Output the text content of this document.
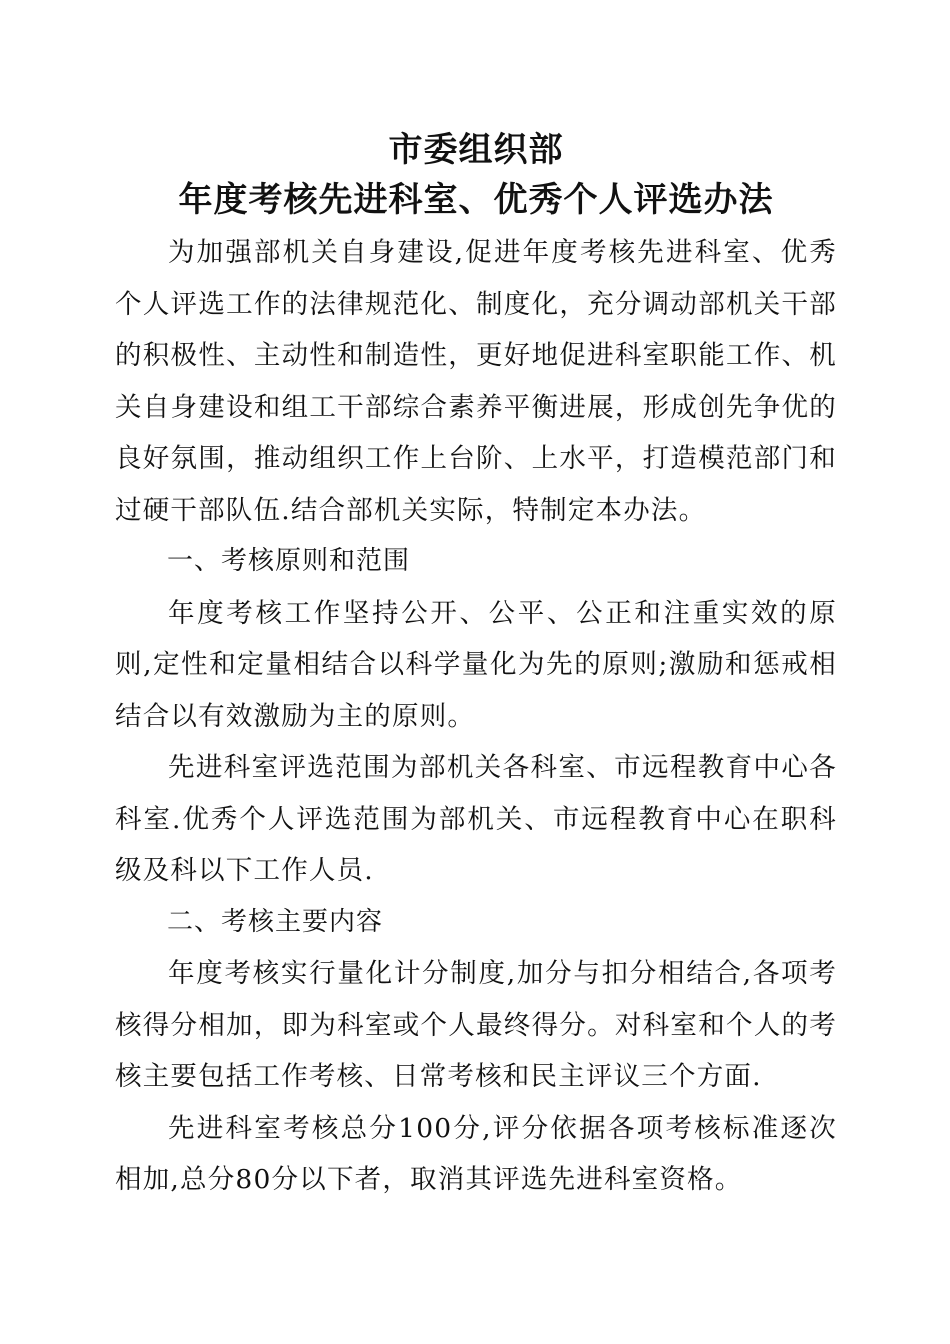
市委组织部
年度考核先进科室、优秀个人评选办法

为加强部机关自身建设,促进年度考核先进科室、优秀个人评选工作的法律规范化、制度化，充分调动部机关干部的积极性、主动性和制造性，更好地促进科室职能工作、机关自身建设和组工干部综合素养平衡进展，形成创先争优的良好氛围，推动组织工作上台阶、上水平，打造模范部门和过硬干部队伍.结合部机关实际，特制定本办法。

一、考核原则和范围

年度考核工作坚持公开、公平、公正和注重实效的原则,定性和定量相结合以科学量化为先的原则;激励和惩戒相结合以有效激励为主的原则。

先进科室评选范围为部机关各科室、市远程教育中心各科室.优秀个人评选范围为部机关、市远程教育中心在职科级及科以下工作人员.

二、考核主要内容

年度考核实行量化计分制度,加分与扣分相结合,各项考核得分相加，即为科室或个人最终得分。对科室和个人的考核主要包括工作考核、日常考核和民主评议三个方面.

先进科室考核总分100分,评分依据各项考核标准逐次相加,总分80分以下者，取消其评选先进科室资格。
